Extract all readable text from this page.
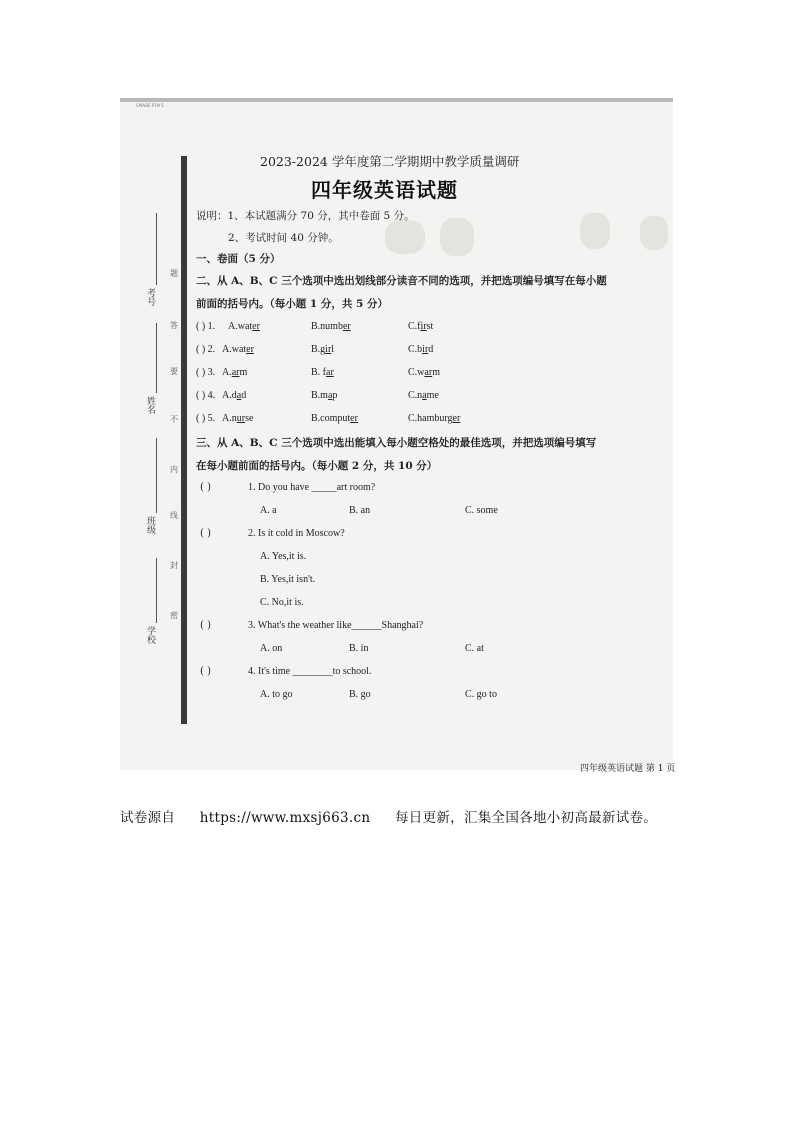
CMADE P1N S
考号
姓名
班级
学校
题
答
要
不
内
线
封
密
2023-2024 学年度第二学期期中教学质量调研
四年级英语试题
说明：1、本试题满分 70 分，其中卷面 5 分。
2、考试时间 40 分钟。
一、卷面（5 分）
二、从 A、B、C 三个选项中选出划线部分读音不同的选项，并把选项编号填写在每小题
前面的括号内。（每小题 1 分，共 5 分）
( ) 1. A.water	B.number	C.first
( ) 2. A.water	B.girl	C.bird
( ) 3. A.arm	B. far	C.warm
( ) 4. A.dad	B.map	C.name
( ) 5. A.nurse	B.computer	C.hamburger
三、从 A、B、C 三个选项中选出能填入每小题空格处的最佳选项，并把选项编号填写
在每小题前面的括号内。（每小题 2 分，共 10 分）
( )	1. Do you have _____art room?
A. a	B. an	C. some
( )	2. Is it cold in Moscow?
A. Yes,it is.
B. Yes,it isn't.
C. No,it is.
( )	3. What's the weather like______Shanghai?
A. on	B. in	C. at
( )	4. It's time ________to school.
A. to go	B. go	C. go to
四年级英语试题 第 1 页
试卷源自 https://www.mxsj663.cn 每日更新，汇集全国各地小初高最新试卷。
